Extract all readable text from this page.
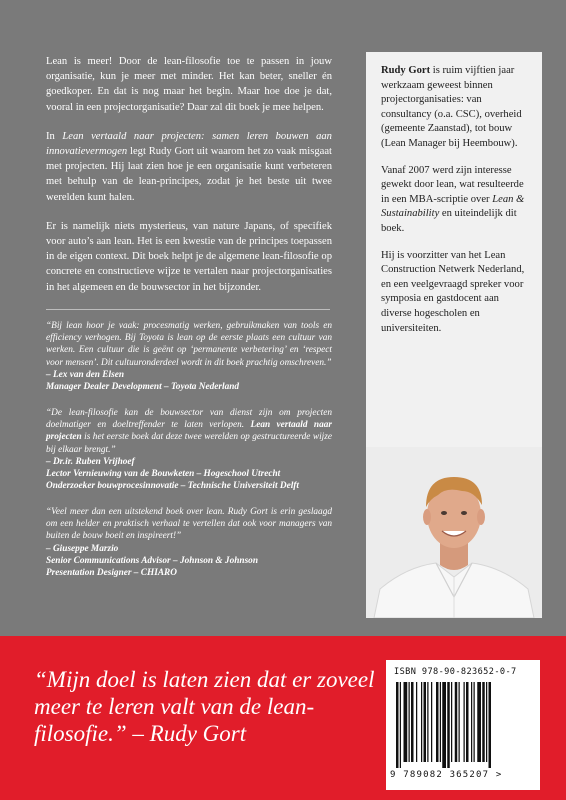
Lean is meer! Door de lean-filosofie toe te passen in jouw organisatie, kun je meer met minder. Het kan beter, sneller én goedkoper. En dat is nog maar het begin. Maar hoe doe je dat, vooral in een projectorganisatie? Daar zal dit boek je mee helpen.

In Lean vertaald naar projecten: samen leren bouwen aan innovatievermogen legt Rudy Gort uit waarom het zo vaak misgaat met projecten. Hij laat zien hoe je een organisatie kunt verbeteren met behulp van de lean-principes, zodat je het beste uit twee werelden kunt halen.

Er is namelijk niets mysterieus, van nature Japans, of specifiek voor auto’s aan lean. Het is een kwestie van de principes toepassen in de eigen context. Dit boek helpt je de algemene lean-filosofie op concrete en constructieve wijze te vertalen naar projectorganisaties in het algemeen en de bouwsector in het bijzonder.

“Bij lean hoor je vaak: procesmatig werken, gebruikmaken van tools en efficiency verhogen. Bij Toyota is lean op de eerste plaats een cultuur van werken. Een cultuur die is geënt op ‘permanente verbetering’ en ‘respect voor mensen’. Dit cultuuronderdeel wordt in dit boek prachtig omschreven.”
– Lex van den Elsen
Manager Dealer Development – Toyota Nederland
“De lean-filosofie kan de bouwsector van dienst zijn om projecten doelmatiger en doeltreffender te laten verlopen. Lean vertaald naar projecten is het eerste boek dat deze twee werelden op gestructureerde wijze bij elkaar brengt.”
– Dr.ir. Ruben Vrijhoef
Lector Vernieuwing van de Bouwketen – Hogeschool Utrecht
Onderzoeker bouwprocesinnovatie – Technische Universiteit Delft
“Veel meer dan een uitstekend boek over lean. Rudy Gort is erin geslaagd om een helder en praktisch verhaal te vertellen dat ook voor managers van buiten de bouw boeit en inspireert!”
– Giuseppe Marzio
Senior Communications Advisor – Johnson & Johnson
Presentation Designer – CHIARO

Rudy Gort is ruim vijftien jaar werkzaam geweest binnen projectorganisaties: van consultancy (o.a. CSC), overheid (gemeente Zaanstad), tot bouw (Lean Manager bij Heembouw).

Vanaf 2007 werd zijn interesse gewekt door lean, wat resulteerde in een MBA-scriptie over Lean & Sustainability en uiteindelijk dit boek.

Hij is voorzitter van het Lean Construction Netwerk Nederland, en een veelgevraagd spreker voor symposia en gastdocent aan diverse hogescholen en universiteiten.

“Mijn doel is laten zien dat er zoveel meer te leren valt van de lean-filosofie.” – Rudy Gort
ISBN 978-90-823652-0-7
9 789082 365207 >
